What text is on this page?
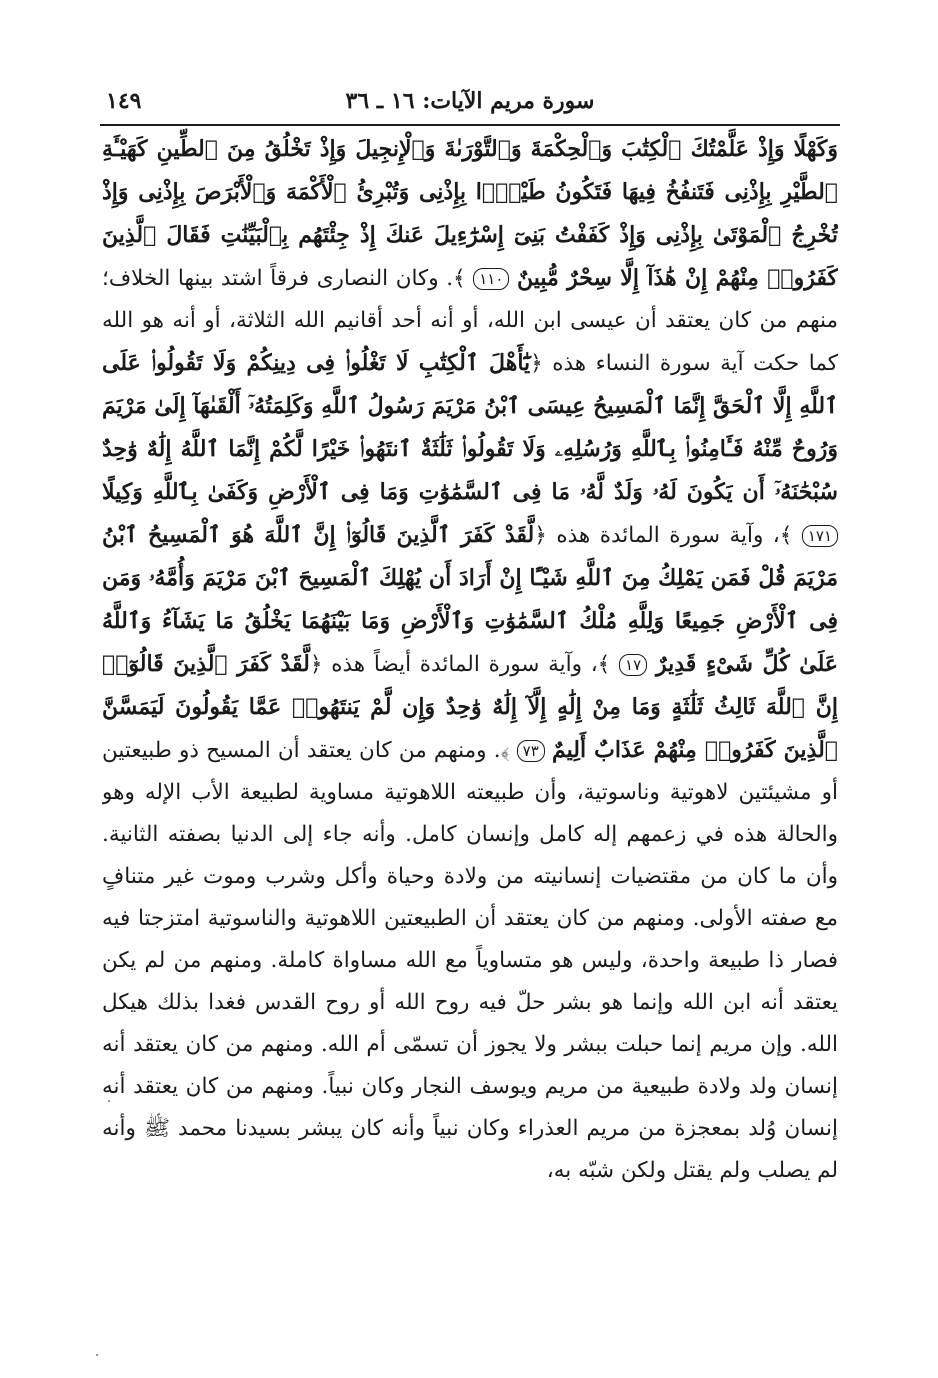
١٤٩	سورة مريم الآيات: ١٦ ـ ٣٦
وَكَهْلًا وَإِذْ عَلَّمْتُكَ ٱلْكِتَٰبَ وَٱلْحِكْمَةَ وَٱلتَّوْرَىٰةَ وَٱلْإِنجِيلَ وَإِذْ تَخْلُقُ مِنَ ٱلطِّينِ كَهَيْـَٔةِ ٱلطَّيْرِ بِإِذْنِى فَتَنفُخُ فِيهَا فَتَكُونُ طَيْرًۢا بِإِذْنِى وَتُبْرِئُ ٱلْأَكْمَهَ وَٱلْأَبْرَصَ بِإِذْنِى وَإِذْ تُخْرِجُ ٱلْمَوْتَىٰ بِإِذْنِى وَإِذْ كَفَفْتُ بَنِىٓ إِسْرَٰٓءِيلَ عَنكَ إِذْ جِئْتَهُم بِٱلْبَيِّنَٰتِ فَقَالَ ٱلَّذِينَ كَفَرُوا۟ مِنْهُمْ إِنْ هَٰذَآ إِلَّا سِحْرٌ مُّبِينٌ ١١٠ ﴾. وكان النصارى فرقاً اشتد بينها الخلاف؛ منهم من كان يعتقد أن عيسى ابن الله، أو أنه أحد أقانيم الله الثلاثة، أو أنه هو الله كما حكت آية سورة النساء هذه ﴿يَٰٓأَهْلَ ٱلْكِتَٰبِ لَا تَغْلُوا۟ فِى دِينِكُمْ وَلَا تَقُولُوا۟ عَلَى ٱللَّهِ إِلَّا ٱلْحَقَّ إِنَّمَا ٱلْمَسِيحُ عِيسَى ٱبْنُ مَرْيَمَ رَسُولُ ٱللَّهِ وَكَلِمَتُهُۥٓ أَلْقَىٰهَآ إِلَىٰ مَرْيَمَ وَرُوحٌ مِّنْهُ فَـَٔامِنُوا۟ بِٱللَّهِ وَرُسُلِهِۦ وَلَا تَقُولُوا۟ ثَلَٰثَةٌ ٱنتَهُوا۟ خَيْرًا لَّكُمْ إِنَّمَا ٱللَّهُ إِلَٰهٌ وَٰحِدٌ سُبْحَٰنَهُۥٓ أَن يَكُونَ لَهُۥ وَلَدٌ لَّهُۥ مَا فِى ٱلسَّمَٰوَٰتِ وَمَا فِى ٱلْأَرْضِ وَكَفَىٰ بِٱللَّهِ وَكِيلًا ١٧١ ﴾، وآية سورة المائدة هذه ﴿لَّقَدْ كَفَرَ ٱلَّذِينَ قَالُوٓا۟ إِنَّ ٱللَّهَ هُوَ ٱلْمَسِيحُ ٱبْنُ مَرْيَمَ قُلْ فَمَن يَمْلِكُ مِنَ ٱللَّهِ شَيْـًٔا إِنْ أَرَادَ أَن يُهْلِكَ ٱلْمَسِيحَ ٱبْنَ مَرْيَمَ وَأُمَّهُۥ وَمَن فِى ٱلْأَرْضِ جَمِيعًا وَلِلَّهِ مُلْكُ ٱلسَّمَٰوَٰتِ وَٱلْأَرْضِ وَمَا بَيْنَهُمَا يَخْلُقُ مَا يَشَآءُ وَٱللَّهُ عَلَىٰ كُلِّ شَىْءٍ قَدِيرٌ ١٧ ﴾، وآية سورة المائدة أيضاً هذه ﴿لَّقَدْ كَفَرَ ٱلَّذِينَ قَالُوٓا۟ إِنَّ ٱللَّهَ ثَالِثُ ثَلَٰثَةٍ وَمَا مِنْ إِلَٰهٍ إِلَّآ إِلَٰهٌ وَٰحِدٌ وَإِن لَّمْ يَنتَهُوا۟ عَمَّا يَقُولُونَ لَيَمَسَّنَّ ٱلَّذِينَ كَفَرُوا۟ مِنْهُمْ عَذَابٌ أَلِيمٌ ٧٣ ﴾. ومنهم من كان يعتقد أن المسيح ذو طبيعتين أو مشيئتين لاهوتية وناسوتية، وأن طبيعته اللاهوتية مساوية لطبيعة الأب الإله وهو والحالة هذه في زعمهم إله كامل وإنسان كامل. وأنه جاء إلى الدنيا بصفته الثانية. وأن ما كان من مقتضيات إنسانيته من ولادة وحياة وأكل وشرب وموت غير متنافٍ مع صفته الأولى. ومنهم من كان يعتقد أن الطبيعتين اللاهوتية والناسوتية امتزجتا فيه فصار ذا طبيعة واحدة، وليس هو متساوياً مع الله مساواة كاملة. ومنهم من لم يكن يعتقد أنه ابن الله وإنما هو بشر حلّ فيه روح الله أو روح القدس فغدا بذلك هيكل الله. وإن مريم إنما حبلت ببشر ولا يجوز أن تسمّى أم الله. ومنهم من كان يعتقد أنه إنسان ولد ولادة طبيعية من مريم ويوسف النجار وكان نبياً. ومنهم من كان يعتقد أنه إنسان وُلد بمعجزة من مريم العذراء وكان نبياً وأنه كان يبشر بسيدنا محمد ﷺ وأنه لم يصلب ولم يقتل ولكن شبّه به،
